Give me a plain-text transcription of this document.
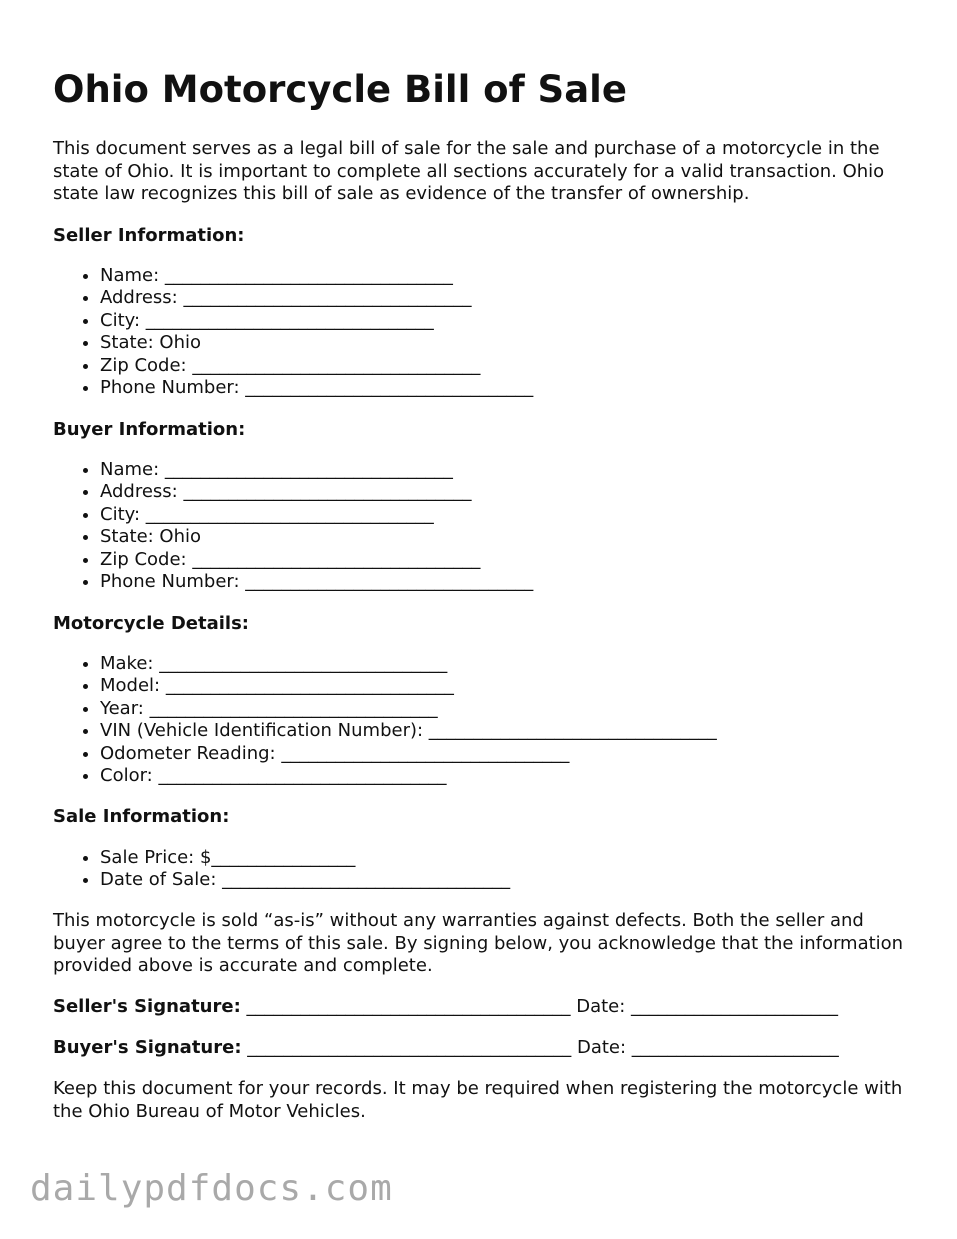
Ohio Motorcycle Bill of Sale

This document serves as a legal bill of sale for the sale and purchase of a motorcycle in the state of Ohio. It is important to complete all sections accurately for a valid transaction. Ohio state law recognizes this bill of sale as evidence of the transfer of ownership.

Seller Information:

• Name: ________________________________
• Address: ________________________________
• City: ________________________________
• State: Ohio
• Zip Code: ________________________________
• Phone Number: ________________________________

Buyer Information:

• Name: ________________________________
• Address: ________________________________
• City: ________________________________
• State: Ohio
• Zip Code: ________________________________
• Phone Number: ________________________________

Motorcycle Details:

• Make: ________________________________
• Model: ________________________________
• Year: ________________________________
• VIN (Vehicle Identification Number): ________________________________
• Odometer Reading: ________________________________
• Color: ________________________________

Sale Information:

• Sale Price: $________________
• Date of Sale: ________________________________

This motorcycle is sold “as-is” without any warranties against defects. Both the seller and buyer agree to the terms of this sale. By signing below, you acknowledge that the information provided above is accurate and complete.

Seller's Signature: ____________________________________ Date: _______________________

Buyer's Signature: ____________________________________ Date: _______________________

Keep this document for your records. It may be required when registering the motorcycle with the Ohio Bureau of Motor Vehicles.

dailypdfdocs.com
